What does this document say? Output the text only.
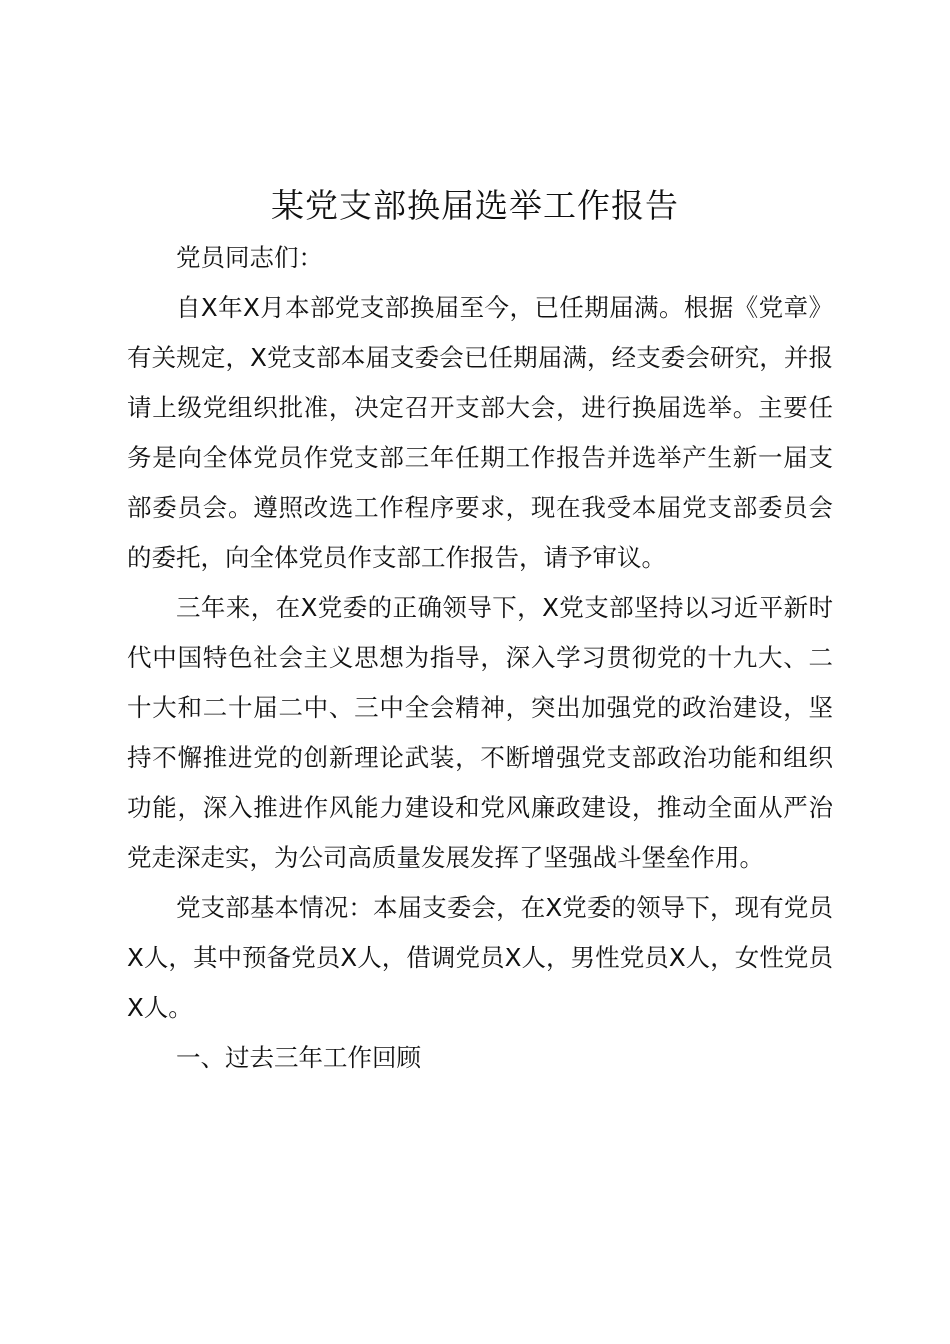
某党支部换届选举工作报告

党员同志们：

自X年X月本部党支部换届至今，已任期届满。根据《党章》有关规定，X党支部本届支委会已任期届满，经支委会研究，并报请上级党组织批准，决定召开支部大会，进行换届选举。主要任务是向全体党员作党支部三年任期工作报告并选举产生新一届支部委员会。遵照改选工作程序要求，现在我受本届党支部委员会的委托，向全体党员作支部工作报告，请予审议。

三年来，在X党委的正确领导下，X党支部坚持以习近平新时代中国特色社会主义思想为指导，深入学习贯彻党的十九大、二十大和二十届二中、三中全会精神，突出加强党的政治建设，坚持不懈推进党的创新理论武装，不断增强党支部政治功能和组织功能，深入推进作风能力建设和党风廉政建设，推动全面从严治党走深走实，为公司高质量发展发挥了坚强战斗堡垒作用。

党支部基本情况：本届支委会，在X党委的领导下，现有党员X人，其中预备党员X人，借调党员X人，男性党员X人，女性党员X人。

一、过去三年工作回顾
